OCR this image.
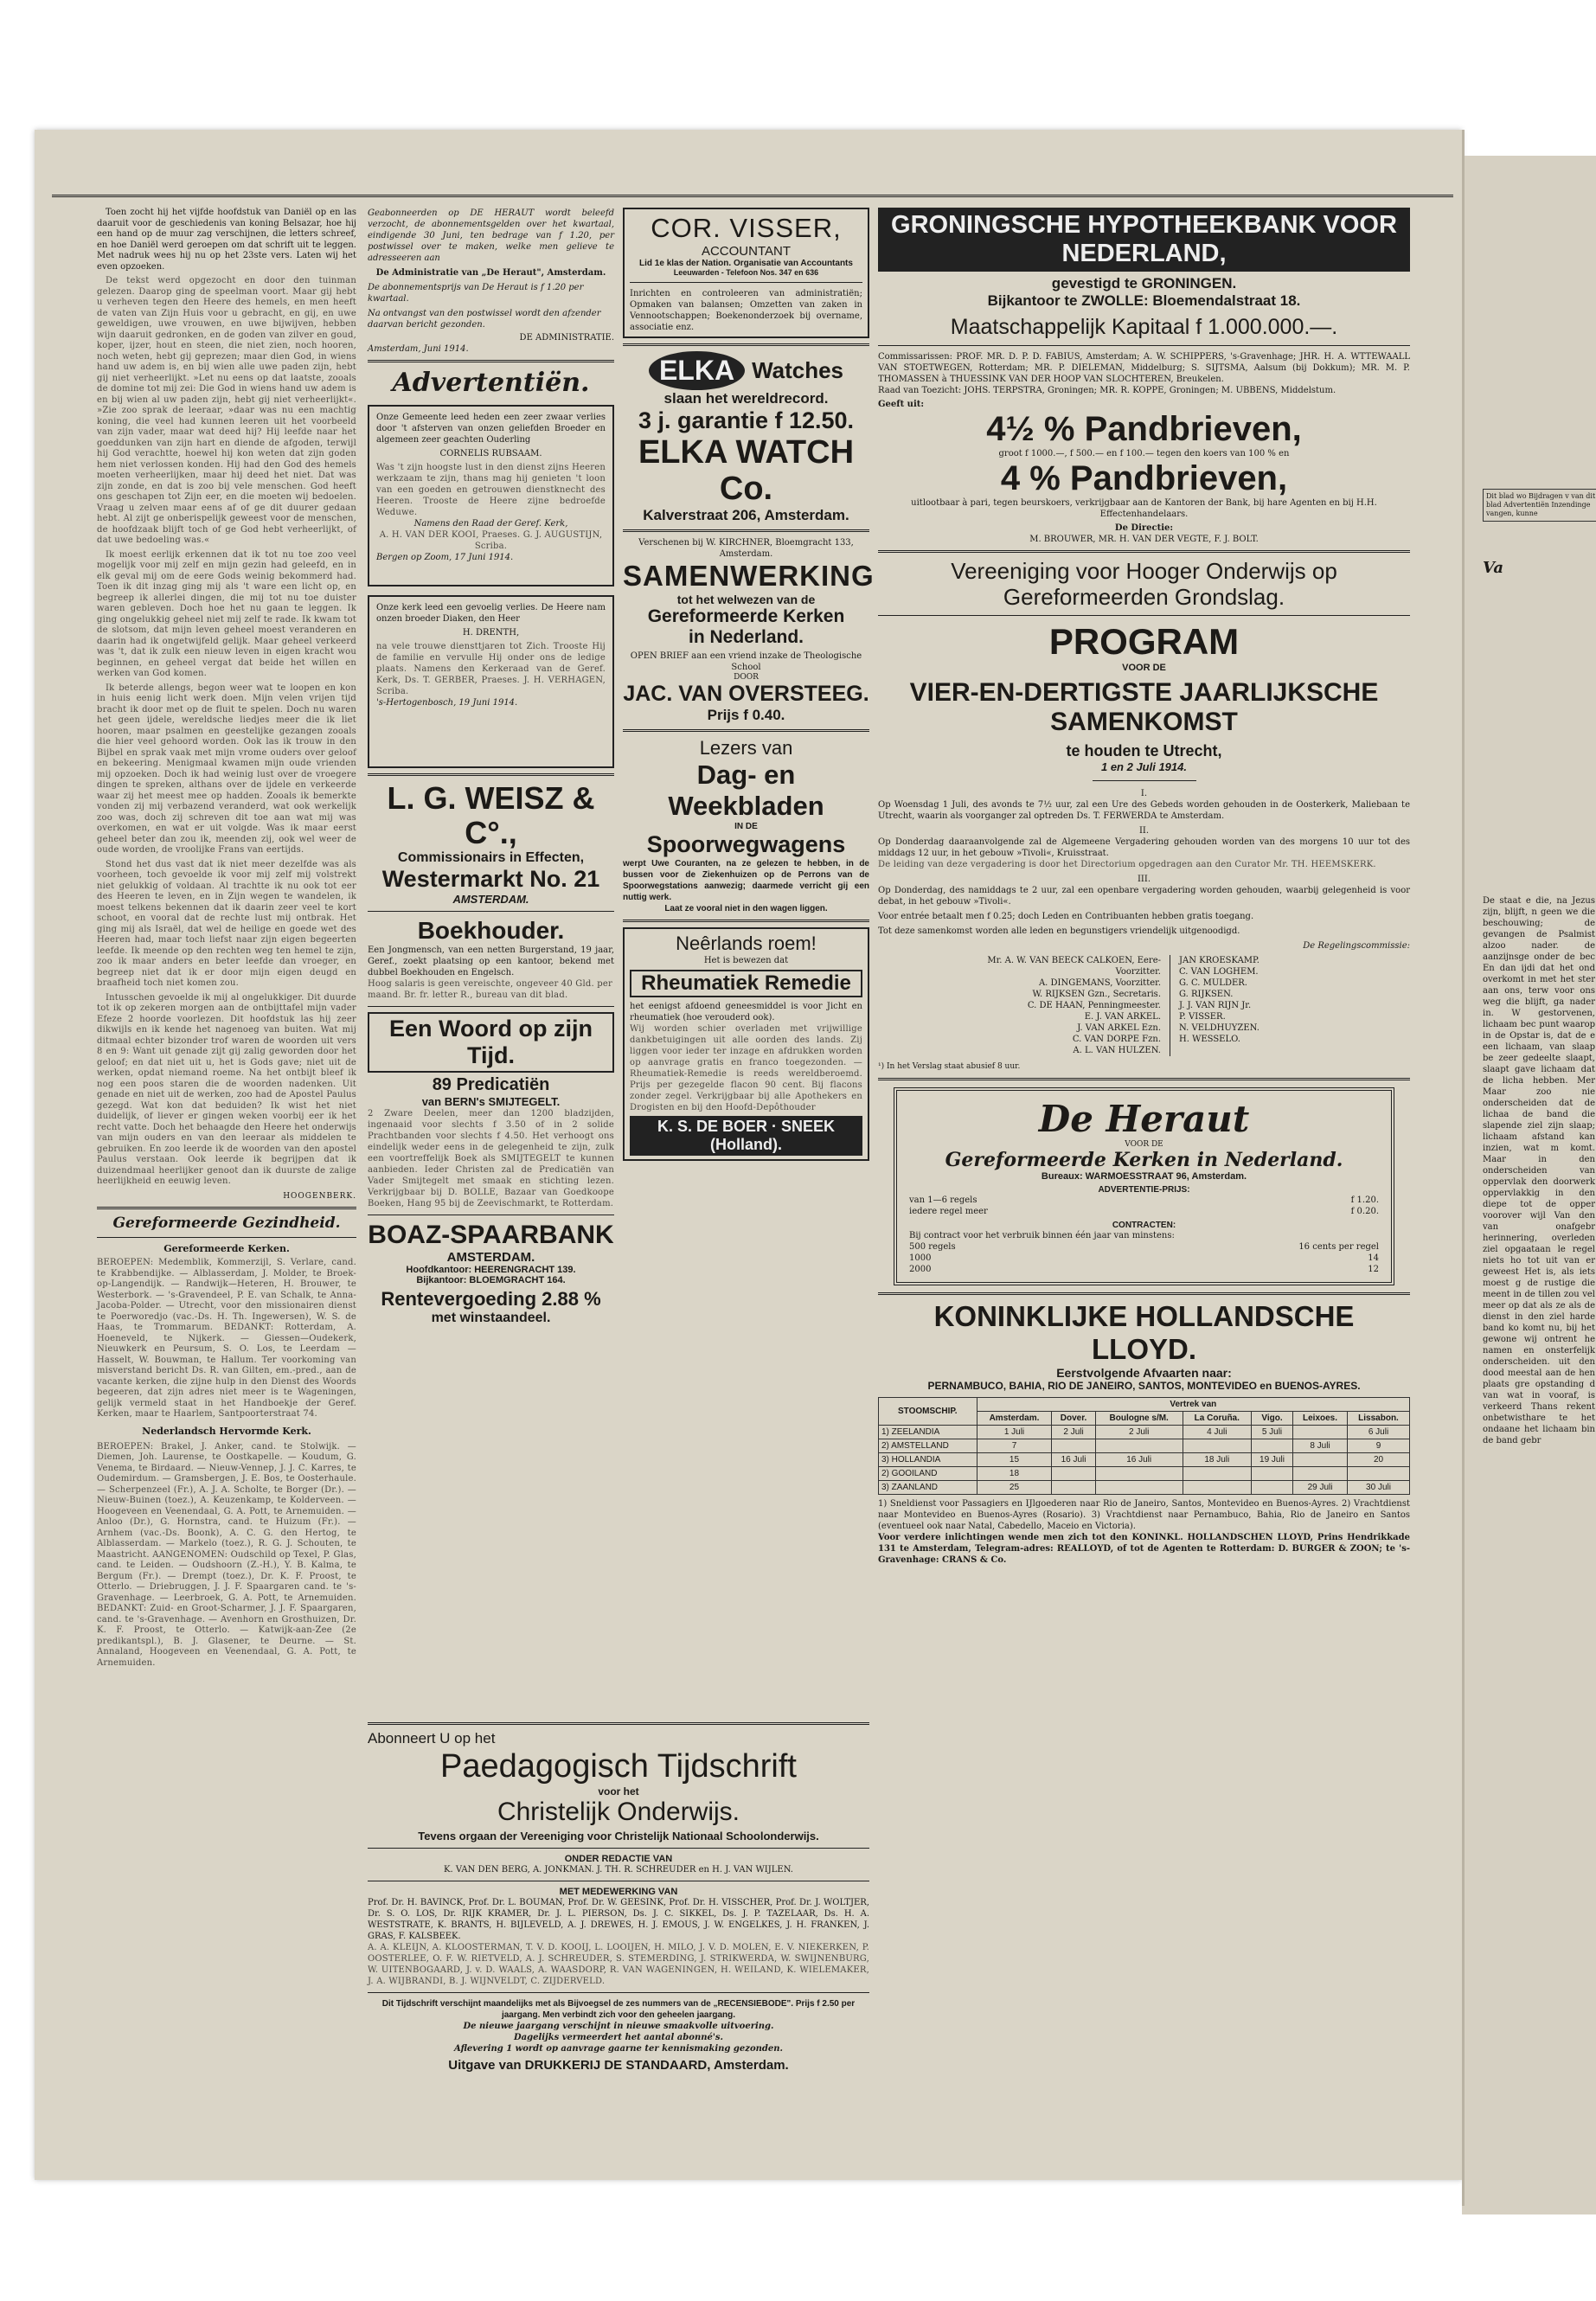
Toen zocht hij het vijfde hoofdstuk van Daniël op en las daaruit voor de geschiedenis van koning Belsazar, hoe hij een hand op de muur zag verschijnen, die letters schreef, en hoe Daniël werd geroepen om dat schrift uit te leggen. Met nadruk wees hij nu op het 23ste vers. Laten wij het even opzoeken.

De tekst werd opgezocht en door den tuinman gelezen. Daarop ging de speelman voort. Maar gij hebt u verheven tegen den Heere des hemels, en men heeft de vaten van Zijn Huis voor u gebracht, en gij, en uwe geweldigen, uwe vrouwen, en uwe bijwijven, hebben wijn daaruit gedronken, en de goden van zilver en goud, koper, ijzer, hout en steen, die niet zien, noch hooren, noch weten, hebt gij geprezen; maar dien God, in wiens hand uw adem is, en bij wien alle uwe paden zijn, hebt gij niet verheerlijkt. »Let nu eens op dat laatste, zooals de domine tot mij zei: Die God in wiens hand uw adem is en bij wien al uw paden zijn, hebt gij niet verheerlijkt«. »Zie zoo sprak de leeraar, »daar was nu een machtig koning, die veel had kunnen leeren uit het voorbeeld van zijn vader, maar wat deed hij? Hij leefde naar het goeddunken van zijn hart en diende de afgoden, terwijl hij God verachtte, hoewel hij kon weten dat zijn goden hem niet verlossen konden. Hij had den God des hemels moeten verheerlijken, maar hij deed het niet. Dat was zijn zonde, en dat is zoo bij vele menschen. God heeft ons geschapen tot Zijn eer, en die moeten wij bedoelen. Vraag u zelven maar eens af of ge dit duurer gedaan hebt. Al zijt ge onberispelijk geweest voor de menschen, de hoofdzaak blijft toch of ge God hebt verheerlijkt, of dat uwe bedoeling was.«

Ik moest eerlijk erkennen dat ik tot nu toe zoo veel mogelijk voor mij zelf en mijn gezin had geleefd, en in elk geval mij om de eere Gods weinig bekommerd had. Toen ik dit inzag ging mij als 't ware een licht op, en begreep ik allerlei dingen, die mij tot nu toe duister waren gebleven. Doch hoe het nu gaan te leggen. Ik ging ongelukkig geheel niet mij zelf te rade. Ik kwam tot de slotsom, dat mijn leven geheel moest veranderen en daarin had ik ongetwijfeld gelijk. Maar geheel verkeerd was 't, dat ik zulk een nieuw leven in eigen kracht wou beginnen, en geheel vergat dat beide het willen en werken van God komen.

Ik beterde allengs, begon weer wat te loopen en kon in huis eenig licht werk doen. Mijn velen vrijen tijd bracht ik door met op de fluit te spelen. Doch nu waren het geen ijdele, wereldsche liedjes meer die ik liet hooren, maar psalmen en geestelijke gezangen zooals die hier veel gehoord worden. Ook las ik trouw in den Bijbel en sprak vaak met mijn vrome ouders over geloof en bekeering. Menigmaal kwamen mijn oude vrienden mij opzoeken. Doch ik had weinig lust over de vroegere dingen te spreken, althans over de ijdele en verkeerde waar zij het meest mee op hadden. Zooals ik bemerkte vonden zij mij verbazend veranderd, wat ook werkelijk zoo was, doch zij schreven dit toe aan wat mij was overkomen, en wat er uit volgde. Was ik maar eerst geheel beter dan zou ik, meenden zij, ook wel weer de oude worden, de vroolijke Frans van eertijds.

Stond het dus vast dat ik niet meer dezelfde was als voorheen, toch gevoelde ik voor mij zelf mij volstrekt niet gelukkig of voldaan. Al trachtte ik nu ook tot eer des Heeren te leven, en in Zijn wegen te wandelen, ik moest telkens bekennen dat ik daarin zeer veel te kort schoot, en vooral dat de rechte lust mij ontbrak. Het ging mij als Israël, dat wel de heilige en goede wet des Heeren had, maar toch liefst naar zijn eigen begeerten leefde. Ik meende op den rechten weg ten hemel te zijn, zoo ik maar anders en beter leefde dan vroeger, en begreep niet dat ik er door mijn eigen deugd en braafheid toch niet komen zou.

Intusschen gevoelde ik mij al ongelukkiger. Dit duurde tot ik op zekeren morgen aan de ontbijttafel mijn vader Efeze 2 hoorde voorlezen. Dit hoofdstuk las hij zeer dikwijls en ik kende het nagenoeg van buiten. Wat mij ditmaal echter bizonder trof waren de woorden uit vers 8 en 9: Want uit genade zijt gij zalig geworden door het geloof; en dat niet uit u, het is Gods gave; niet uit de werken, opdat niemand roeme. Na het ontbijt bleef ik nog een poos staren die de woorden nadenken. Uit genade en niet uit de werken, zoo had de Apostel Paulus gezegd. Wat kon dat beduiden? Ik wist het niet duidelijk, of liever er gingen weken voorbij eer ik het recht vatte. Doch het behaagde den Heere het onderwijs van mijn ouders en van den leeraar als middelen te gebruiken. En zoo leerde ik de woorden van den apostel Paulus verstaan. Ook leerde ik begrijpen dat ik duizendmaal heerlijker genoot dan ik duurste de zalige heerlijkheid en eeuwig leven.

HOOGENBERK.

Gereformeerde Gezindheid.
Gereformeerde Kerken.
BEROEPEN: Medemblik, Kommerzijl, S. Verlare, cand. te Krabbendijke. — Alblasserdam, J. Molder, te Broek-op-Langendijk. — Randwijk—Heteren, H. Brouwer, te Westerbork. — 's-Gravendeel, P. E. van Schalk, te Anna-Jacoba-Polder. — Utrecht, voor den missionairen dienst te Poerworedjo (vac.-Ds. H. Th. Ingewersen), W. S. de Haas, te Trommarum. BEDANKT: Rotterdam, A. Hoeneveld, te Nijkerk. — Giessen—Oudekerk, Nieuwkerk en Peursum, S. O. Los, te Leerdam — Hasselt, W. Bouwman, te Hallum. Ter voorkoming van misverstand bericht Ds. R. van Gilten, em.-pred., aan de vacante kerken, die zijne hulp in den Dienst des Woords begeeren, dat zijn adres niet meer is te Wageningen, gelijk vermeld staat in het Handboekje der Geref. Kerken, maar te Haarlem, Santpoorterstraat 74.
Nederlandsch Hervormde Kerk.
BEROEPEN: Brakel, J. Anker, cand. te Stolwijk. — Diemen, Joh. Laurense, te Oostkapelle. — Koudum, G. Venema, te Birdaard. — Nieuw-Vennep, J. J. C. Karres, te Oudemirdum. — Gramsbergen, J. E. Bos, te Oosterhaule. — Scherpenzeel (Fr.), A. J. A. Scholte, te Borger (Dr.). — Nieuw-Buinen (toez.), A. Keuzenkamp, te Kolderveen. — Hoogeveen en Veenendaal, G. A. Pott, te Arnemuiden. — Anloo (Dr.), G. Hornstra, cand. te Huizum (Fr.). — Arnhem (vac.-Ds. Boonk), A. C. G. den Hertog, te Alblasserdam. — Markelo (toez.), R. G. J. Schouten, te Maastricht. AANGENOMEN: Oudschild op Texel, P. Glas, cand. te Leiden. — Oudshoorn (Z.-H.), Y. B. Kalma, te Bergum (Fr.). — Drempt (toez.), Dr. K. F. Proost, te Otterlo. — Driebruggen, J. J. F. Spaargaren cand. te 's-Gravenhage. — Leerbroek, G. A. Pott, te Arnemuiden. BEDANKT: Zuid- en Groot-Scharmer, J. J. F. Spaargaren, cand. te 's-Gravenhage. — Avenhorn en Grosthuizen, Dr. K. F. Proost, te Otterlo. — Katwijk-aan-Zee (2e predikantspl.), B. J. Glasener, te Deurne. — St. Annaland, Hoogeveen en Veenendaal, G. A. Pott, te Arnemuiden.
Geabonneerden op DE HERAUT wordt beleefd verzocht, de abonnementsgelden over het kwartaal, eindigende 30 Juni, ten bedrage van f 1.20, per postwissel over te maken, welke men gelieve te adresseeren aan
De Administratie van „De Heraut", Amsterdam.
De abonnementsprijs van De Heraut is f 1.20 per kwartaal.
Na ontvangst van den postwissel wordt den afzender daarvan bericht gezonden.
DE ADMINISTRATIE.
Amsterdam, Juni 1914.
Advertentiën.
Onze Gemeente leed heden een zeer zwaar verlies door 't afsterven van onzen geliefden Broeder en algemeen zeer geachten Ouderling
CORNELIS RUBSAAM.
Was 't zijn hoogste lust in den dienst zijns Heeren werkzaam te zijn, thans mag hij genieten 't loon van een goeden en getrouwen dienstknecht des Heeren. Trooste de Heere zijne bedroefde Weduwe.
Namens den Raad der Geref. Kerk,
A. H. VAN DER KOOI, Praeses. G. J. AUGUSTIJN, Scriba.
Bergen op Zoom, 17 Juni 1914.
Onze kerk leed een gevoelig verlies. De Heere nam onzen broeder Diaken, den Heer
H. DRENTH,
na vele trouwe diensttjaren tot Zich. Trooste Hij de familie en vervulle Hij onder ons de ledige plaats. Namens den Kerkeraad van de Geref. Kerk, Ds. T. GERBER, Praeses. J. H. VERHAGEN, Scriba.
's-Hertogenbosch, 19 Juni 1914.
L. G. WEISZ & C°.,
Commissionairs in Effecten,
Westermarkt No. 21
AMSTERDAM.
Boekhouder.
Een Jongmensch, van een netten Burgerstand, 19 jaar, Geref., zoekt plaatsing op een kantoor, bekend met dubbel Boekhouden en Engelsch.
Hoog salaris is geen vereischte, ongeveer 40 Gld. per maand. Br. fr. letter R., bureau van dit blad.
Een Woord op zijn Tijd.
89 Predicatiën
van BERN's SMIJTEGELT.
2 Zware Deelen, meer dan 1200 bladzijden, ingenaaid voor slechts f 3.50 of in 2 solide Prachtbanden voor slechts f 4.50. Het verhoogt ons eindelijk weder eens in de gelegenheid te zijn, zulk een voortreffelijk Boek als SMIJTEGELT te kunnen aanbieden. Ieder Christen zal de Predicatiën van Vader Smijtegelt met smaak en stichting lezen. Verkrijgbaar bij D. BOLLE, Bazaar van Goedkoope Boeken, Hang 95 bij de Zeevischmarkt, te Rotterdam.
BOAZ-SPAARBANK
AMSTERDAM.
Hoofdkantoor: HEERENGRACHT 139.
Bijkantoor: BLOEMGRACHT 164.
Rentevergoeding 2.88 %
met winstaandeel.
COR. VISSER,
ACCOUNTANT
Lid 1e klas der Nation. Organisatie van Accountants
Leeuwarden - Telefoon Nos. 347 en 636
Inrichten en controleeren van administratiën; Opmaken van balansen; Omzetten van zaken in Vennootschappen; Boekenonderzoek bij overname, associatie enz.
ELKA Watches
slaan het wereldrecord.
3 j. garantie f 12.50.
ELKA WATCH Co.
Kalverstraat 206, Amsterdam.
Verschenen bij W. KIRCHNER, Bloemgracht 133, Amsterdam.
SAMENWERKING
tot het welwezen van de
Gereformeerde Kerken
in Nederland.
OPEN BRIEF aan een vriend inzake de Theologische School
DOOR
JAC. VAN OVERSTEEG.
Prijs f 0.40.
Lezers van
Dag- en Weekbladen
IN DE
Spoorwegwagens
werpt Uwe Couranten, na ze gelezen te hebben, in de bussen voor de Ziekenhuizen op de Perrons van de Spoorwegstations aanwezig; daarmede verricht gij een nuttig werk.
Laat ze vooral niet in den wagen liggen.
Neêrlands roem!
Het is bewezen dat
Rheumatiek Remedie
het eenigst afdoend geneesmiddel is voor Jicht en rheumatiek (hoe verouderd ook).
Wij worden schier overladen met vrijwillige dankbetuigingen uit alle oorden des lands. Zij liggen voor ieder ter inzage en afdrukken worden op aanvrage gratis en franco toegezonden. — Rheumatiek-Remedie is reeds wereldberoemd. Prijs per gezegelde flacon 90 cent. Bij flacons zonder zegel. Verkrijgbaar bij alle Apothekers en Drogisten en bij den Hoofd-Depôthouder
K. S. DE BOER · SNEEK (Holland).
GRONINGSCHE HYPOTHEEKBANK VOOR NEDERLAND,
gevestigd te GRONINGEN.
Bijkantoor te ZWOLLE: Bloemendalstraat 18.
Maatschappelijk Kapitaal f 1.000.000.—.
Commissarissen: PROF. MR. D. P. D. FABIUS, Amsterdam; A. W. SCHIPPERS, 's-Gravenhage; JHR. H. A. WTTEWAALL VAN STOETWEGEN, Rotterdam; MR. P. DIELEMAN, Middelburg; S. SIJTSMA, Aalsum (bij Dokkum); MR. M. P. THOMASSEN à THUESSINK VAN DER HOOP VAN SLOCHTEREN, Breukelen.
Raad van Toezicht: JOHS. TERPSTRA, Groningen; MR. R. KOPPE, Groningen; M. UBBENS, Middelstum.
Geeft uit:
4½ % Pandbrieven,
groot f 1000.—, f 500.— en f 100.— tegen den koers van 100 % en
4 % Pandbrieven,
uitlootbaar à pari, tegen beurskoers, verkrijgbaar aan de Kantoren der Bank, bij hare Agenten en bij H.H. Effectenhandelaars.
De Directie:
M. BROUWER, MR. H. VAN DER VEGTE, F. J. BOLT.
Vereeniging voor Hooger Onderwijs op Gereformeerden Grondslag.
PROGRAM
VOOR DE
VIER-EN-DERTIGSTE JAARLIJKSCHE SAMENKOMST
te houden te Utrecht,
1 en 2 Juli 1914.
I.
Op Woensdag 1 Juli, des avonds te 7½ uur, zal een Ure des Gebeds worden gehouden in de Oosterkerk, Maliebaan te Utrecht, waarin als voorganger zal optreden Ds. T. FERWERDA te Amsterdam.
II.
Op Donderdag daaraanvolgende zal de Algemeene Vergadering gehouden worden van des morgens 10 uur tot des middags 12 uur, in het gebouw »Tivoli«, Kruisstraat.
De leiding van deze vergadering is door het Directorium opgedragen aan den Curator Mr. TH. HEEMSKERK.
III.
Op Donderdag, des namiddags te 2 uur, zal een openbare vergadering worden gehouden, waarbij gelegenheid is voor debat, in het gebouw »Tivoli«.
Voor entrée betaalt men f 0.25; doch Leden en Contribuanten hebben gratis toegang.
Tot deze samenkomst worden alle leden en begunstigers vriendelijk uitgenoodigd.
De Regelingscommissie:
Mr. A. W. VAN BEECK CALKOEN, Eere-Voorzitter.
A. DINGEMANS, Voorzitter.
W. RIJKSEN Gzn., Secretaris.
C. DE HAAN, Penningmeester.
E. J. VAN ARKEL.
J. VAN ARKEL Ezn.
C. VAN DORPE Fzn.
A. L. VAN HULZEN.
JAN KROESKAMP.
C. VAN LOGHEM.
G. C. MULDER.
G. RIJKSEN.
J. J. VAN RIJN Jr.
P. VISSER.
N. VELDHUYZEN.
H. WESSELO.
¹) In het Verslag staat abusief 8 uur.
De Heraut
VOOR DE
Gereformeerde Kerken in Nederland.
Bureaux: WARMOESSTRAAT 96, Amsterdam.
ADVERTENTIE-PRIJS:
van 1—6 regels	f 1.20.
iedere regel meer	f 0.20.
CONTRACTEN:
Bij contract voor het verbruik binnen één jaar van minstens:
500 regels	16 cents per regel
1000	14
2000	12
KONINKLIJKE HOLLANDSCHE LLOYD.
Eerstvolgende Afvaarten naar:
PERNAMBUCO, BAHIA, RIO DE JANEIRO, SANTOS, MONTEVIDEO en BUENOS-AYRES.
STOOMSCHIP.	Vertrek van						
	Amsterdam.	Dover.	Boulogne s/M.	La Coruña.	Vigo.	Leixoes.	Lissabon.
1) ZEELANDIA	1 Juli	2 Juli	2 Juli	4 Juli	5 Juli		6 Juli
2) AMSTELLAND	7					8 Juli	9
3) HOLLANDIA	15	16 Juli	16 Juli	18 Juli	19 Juli		20
2) GOOILAND	18						
3) ZAANLAND	25					29 Juli	30 Juli
1) Sneldienst voor Passagiers en IJlgoederen naar Rio de Janeiro, Santos, Montevideo en Buenos-Ayres. 2) Vrachtdienst naar Montevideo en Buenos-Ayres (Rosario). 3) Vrachtdienst naar Pernambuco, Bahia, Rio de Janeiro en Santos (eventueel ook naar Natal, Cabedello, Maceio en Victoria).
Voor verdere inlichtingen wende men zich tot den KONINKL. HOLLANDSCHEN LLOYD, Prins Hendrikkade 131 te Amsterdam, Telegram-adres: REALLOYD, of tot de Agenten te Rotterdam: D. BURGER & ZOON; te 's-Gravenhage: CRANS & Co.
Abonneert U op het
Paedagogisch Tijdschrift
voor het
Christelijk Onderwijs.
Tevens orgaan der Vereeniging voor Christelijk Nationaal Schoolonderwijs.
ONDER REDACTIE VAN
K. VAN DEN BERG, A. JONKMAN. J. TH. R. SCHREUDER en H. J. VAN WIJLEN.
MET MEDEWERKING VAN
Prof. Dr. H. BAVINCK, Prof. Dr. L. BOUMAN, Prof. Dr. W. GEESINK, Prof. Dr. H. VISSCHER, Prof. Dr. J. WOLTJER, Dr. S. O. LOS, Dr. RIJK KRAMER, Dr. J. L. PIERSON, Ds. J. C. SIKKEL, Ds. J. P. TAZELAAR, Ds. H. A. WESTSTRATE, K. BRANTS, H. BIJLEVELD, A. J. DREWES, H. J. EMOUS, J. W. ENGELKES, J. H. FRANKEN, J. GRAS, F. KALSBEEK.
A. A. KLEIJN, A. KLOOSTERMAN, T. V. D. KOOIJ, L. LOOIJEN, H. MILO, J. V. D. MOLEN, E. V. NIEKERKEN, P. OOSTERLEE, O. F. W. RIETVELD, A. J. SCHREUDER, S. STEMERDING, J. STRIKWERDA, W. SWIJNENBURG, W. UITENBOGAARD, J. v. D. WAALS, A. WAASDORP, R. VAN WAGENINGEN, H. WEILAND, K. WIELEMAKER, J. A. WIJBRANDI, B. J. WIJNVELDT, C. ZIJDERVELD.
Dit Tijdschrift verschijnt maandelijks met als Bijvoegsel de zes nummers van de „RECENSIEBODE". Prijs f 2.50 per jaargang. Men verbindt zich voor den geheelen jaargang.
De nieuwe jaargang verschijnt in nieuwe smaakvolle uitvoering.
Dagelijks vermeerdert het aantal abonné's.
Aflevering 1 wordt op aanvrage gaarne ter kennismaking gezonden.
Uitgave van DRUKKERIJ DE STANDAARD, Amsterdam.
Dit blad wo Bijdragen v van dit blad Advertentiën Inzendinge vangen, kunne
Va
De staat e die, na Jezus zijn, blijft, n geen we die beschouwing; de gevangen de Psalmist alzoo nader. de aanzijnsge onder de bec En dan ijdi dat het ond overkomt in met het ster aan ons, terw voor ons weg die blijft, ga nader in. W gestorvenen, lichaam bec punt waarop in de Opstar is, dat de e een lichaam, van slaap be zeer gedeelte slaapt, slaapt gave lichaam dat de licha hebben. Mer Maar zoo nie onderscheiden dat de lichaa de band die slapende ziel zijn slaap; lichaam afstand kan inzien, wat m komt. Maar in den onderscheiden van oppervlak den doorwerk oppervlakkig in den diepe tot de opper voorover wijl Van den van onafgebr herinnering, overleden ziel opgaataan le regel niets ho tot uit van er geweest Het is, als iets moest g de rustige die meent in de tillen zou vel meer op dat als ze als de dienst in den ziel harde band ko komt nu, bij het gewone wij ontrent he namen en onsterfelijk onderscheiden. uit den dood meestal aan de hen plaats gre opstanding d van wat in vooraf, is verkeerd Thans rekent onbetwisthare te het ondaane het lichaam bin de band gebr
